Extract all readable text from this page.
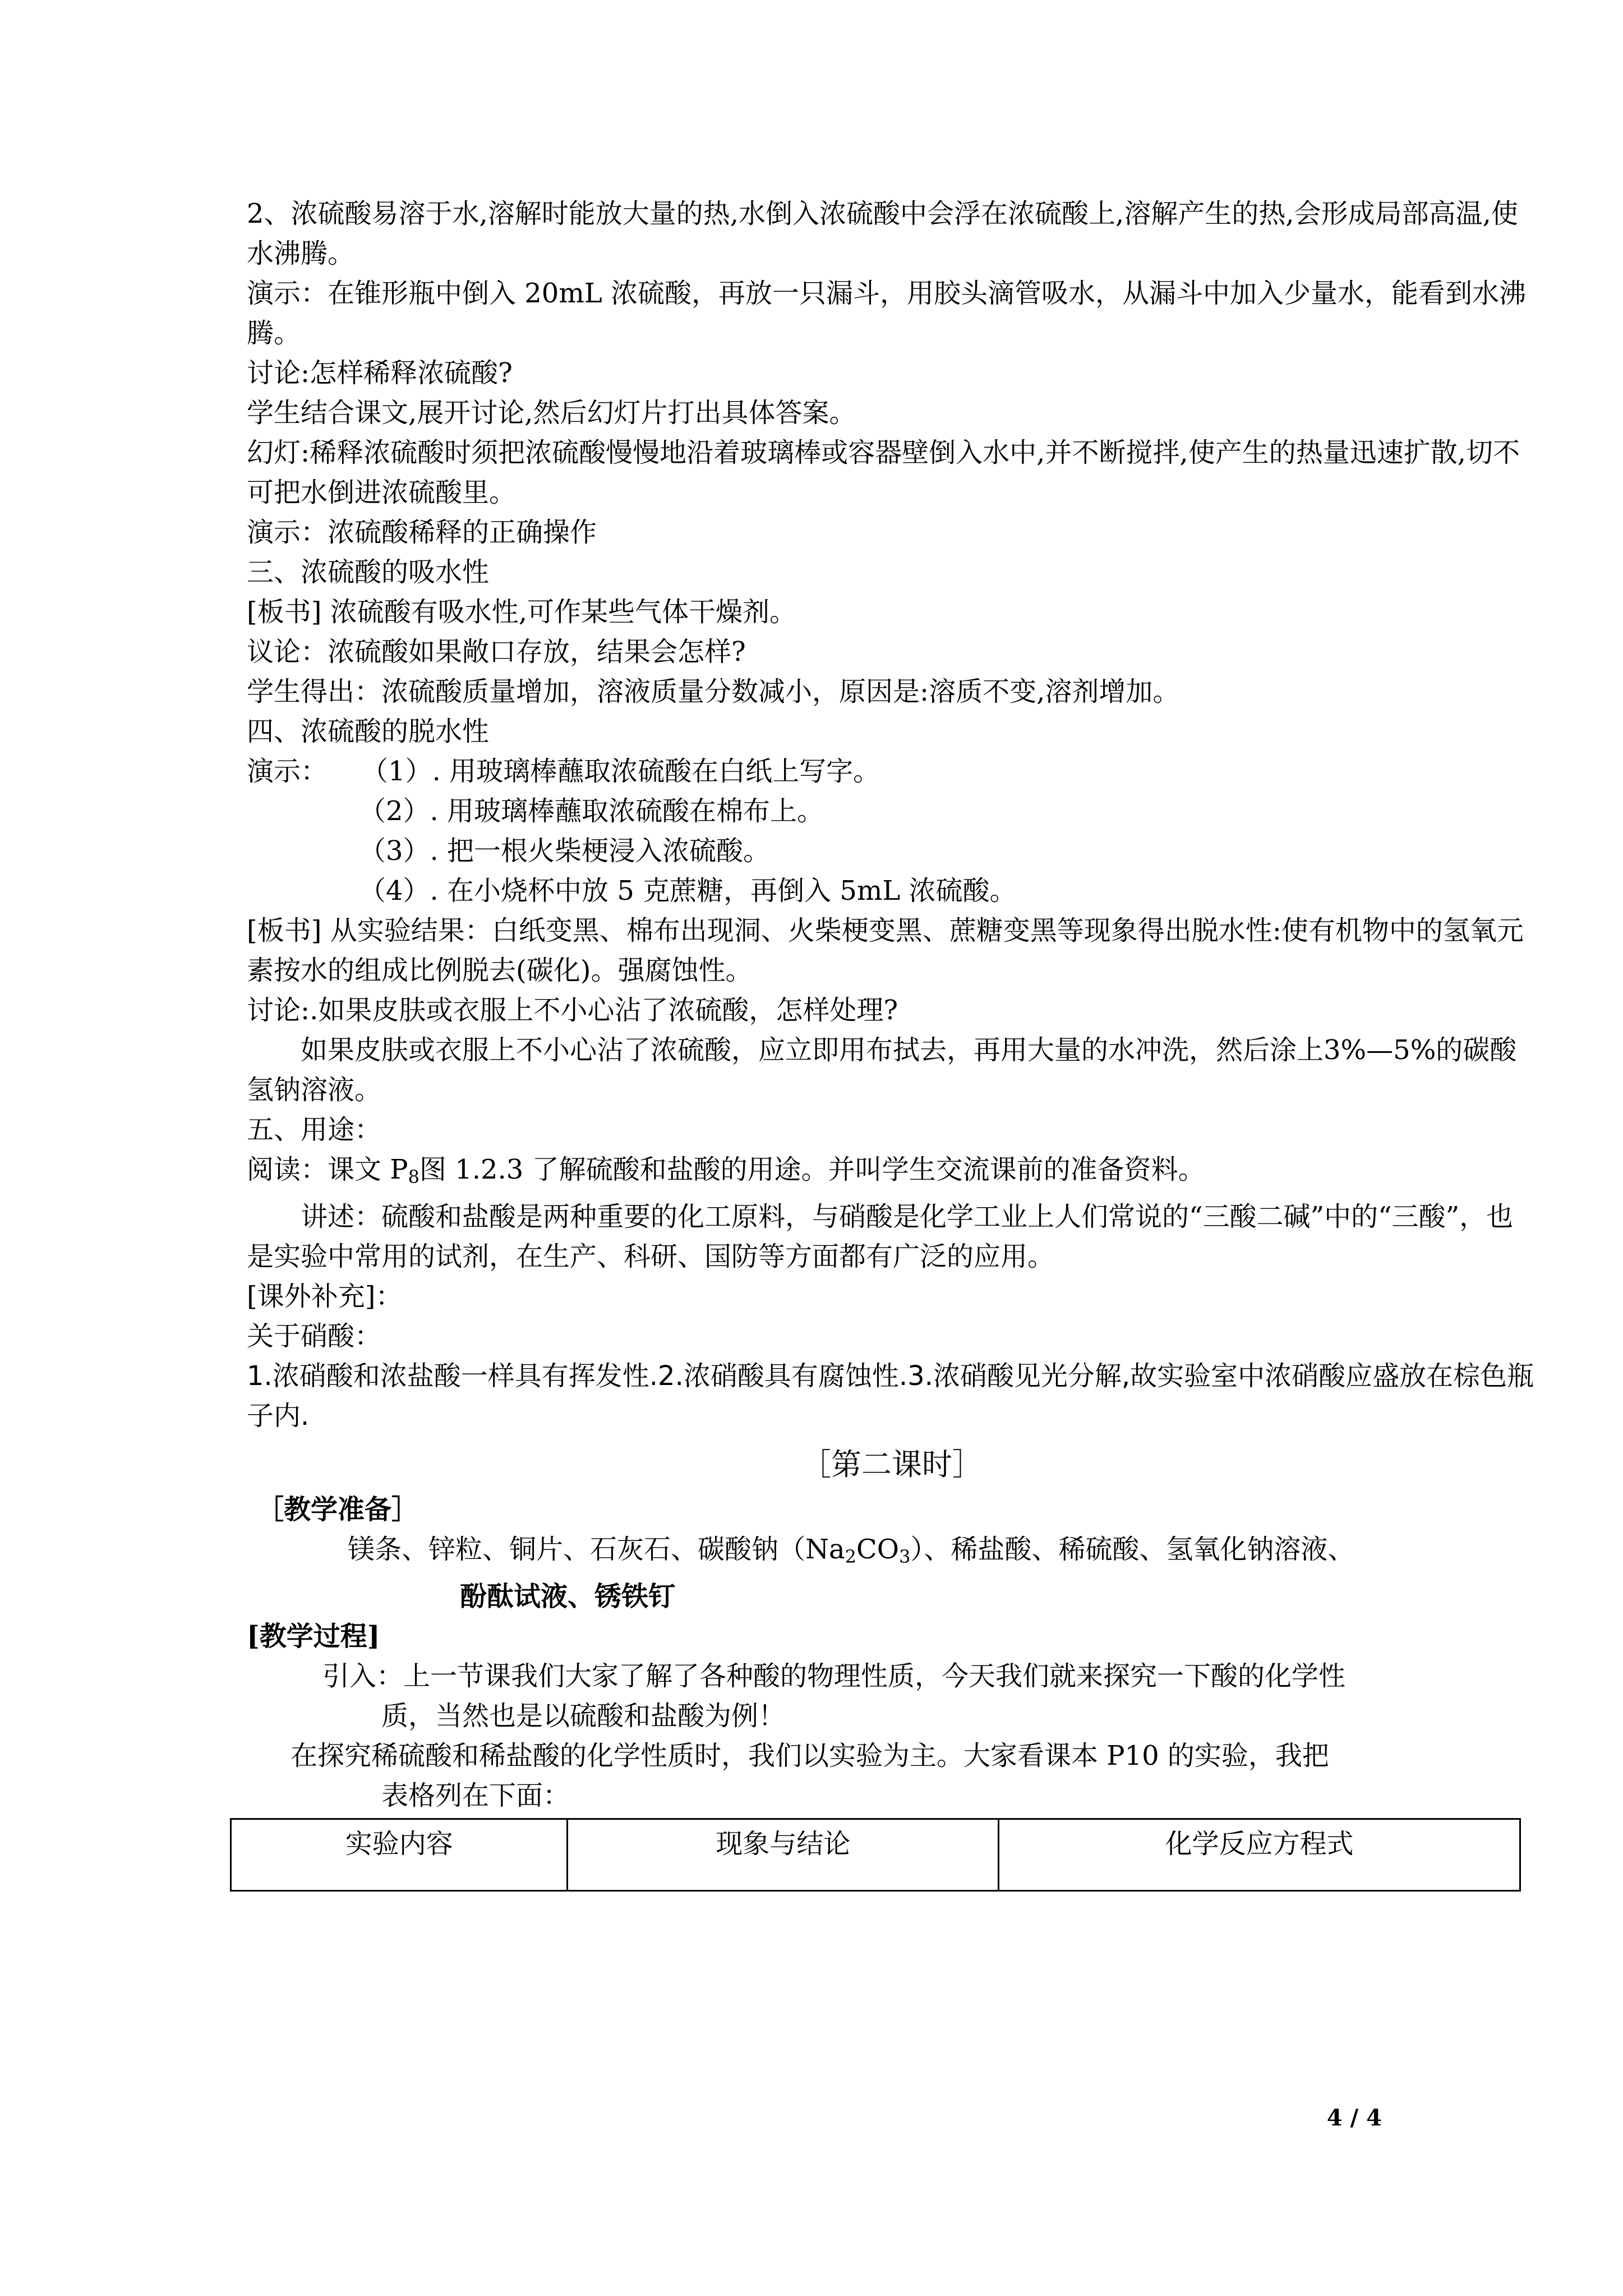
2、浓硫酸易溶于水,溶解时能放大量的热,水倒入浓硫酸中会浮在浓硫酸上,溶解产生的热,会形成局部高温,使水沸腾。

演示：在锥形瓶中倒入 20mL 浓硫酸，再放一只漏斗，用胶头滴管吸水，从漏斗中加入少量水，能看到水沸腾。

讨论:怎样稀释浓硫酸?

学生结合课文,展开讨论,然后幻灯片打出具体答案。

幻灯:稀释浓硫酸时须把浓硫酸慢慢地沿着玻璃棒或容器壁倒入水中,并不断搅拌,使产生的热量迅速扩散,切不可把水倒进浓硫酸里。

演示：浓硫酸稀释的正确操作

三、浓硫酸的吸水性

[板书] 浓硫酸有吸水性,可作某些气体干燥剂。

议论：浓硫酸如果敞口存放，结果会怎样?

学生得出：浓硫酸质量增加，溶液质量分数减小，原因是:溶质不变,溶剂增加。

四、浓硫酸的脱水性

演示： （1）. 用玻璃棒蘸取浓硫酸在白纸上写字。

（2）. 用玻璃棒蘸取浓硫酸在棉布上。

（3）. 把一根火柴梗浸入浓硫酸。

（4）. 在小烧杯中放 5 克蔗糖，再倒入 5mL 浓硫酸。

[板书] 从实验结果：白纸变黑、棉布出现洞、火柴梗变黑、蔗糖变黑等现象得出脱水性:使有机物中的氢氧元素按水的组成比例脱去(碳化)。强腐蚀性。

讨论:.如果皮肤或衣服上不小心沾了浓硫酸，怎样处理?

如果皮肤或衣服上不小心沾了浓硫酸，应立即用布拭去，再用大量的水冲洗，然后涂上3%—5%的碳酸氢钠溶液。

五、用途：

阅读：课文 $P_8$图 1.2.3 了解硫酸和盐酸的用途。并叫学生交流课前的准备资料。

讲述：硫酸和盐酸是两种重要的化工原料，与硝酸是化学工业上人们常说的“三酸二碱”中的“三酸”，也是实验中常用的试剂，在生产、科研、国防等方面都有广泛的应用。

[课外补充]：

关于硝酸：

1.浓硝酸和浓盐酸一样具有挥发性.2.浓硝酸具有腐蚀性.3.浓硝酸见光分解,故实验室中浓硝酸应盛放在棕色瓶子内.

［第二课时］

［教学准备］

镁条、锌粒、铜片、石灰石、碳酸钠$(Na_2CO_3)$、稀盐酸、稀硫酸、氢氧化钠溶液、

酚酞试液、锈铁钉

[教学过程]

引入：上一节课我们大家了解了各种酸的物理性质，今天我们就来探究一下酸的化学性

质，当然也是以硫酸和盐酸为例！

在探究稀硫酸和稀盐酸的化学性质时，我们以实验为主。大家看课本 P10 的实验，我把

表格列在下面：

实验内容	现象与结论	化学反应方程式
4 / 4
